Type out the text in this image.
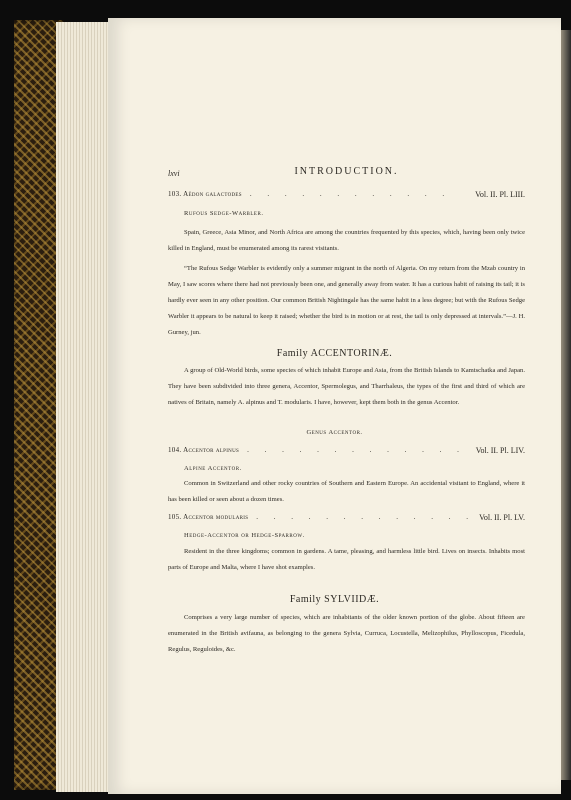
lxvi	INTRODUCTION.
103. Aëdon galactodes . . . . . . . . . . . .	Vol. II. Pl. LIII.
Rufous Sedge-Warbler.

Spain, Greece, Asia Minor, and North Africa are among the countries frequented by this species, which, having been only twice killed in England, must be enumerated among its rarest visitants.

“The Rufous Sedge Warbler is evidently only a summer migrant in the north of Algeria. On my return from the Mzab country in May, I saw scores where there had not previously been one, and generally away from water. It has a curious habit of raising its tail; it is hardly ever seen in any other position. Our common British Nightingale has the same habit in a less degree; but with the Rufous Sedge Warbler it appears to be natural to keep it raised; whether the bird is in motion or at rest, the tail is only depressed at intervals.”—J. H. Gurney, jun.

Family ACCENTORINÆ.

A group of Old-World birds, some species of which inhabit Europe and Asia, from the British Islands to Kamtschatka and Japan. They have been subdivided into three genera, Accentor, Spermolegus, and Tharrhaleus, the types of the first and third of which are natives of Britain, namely A. alpinus and T. modularis. I have, however, kept them both in the genus Accentor.

Genus Accentor.
104. Accentor alpinus . . . . . . . . . . . . . Vol. II. Pl. LIV.
Alpine Accentor.

Common in Switzerland and other rocky countries of Southern and Eastern Europe. An accidental visitant to England, where it has been killed or seen about a dozen times.

105. Accentor modularis . . . . . . . . . . . . . Vol. II. Pl. LV.
Hedge-Accentor or Hedge-Sparrow.

Resident in the three kingdoms; common in gardens. A tame, pleasing, and harmless little bird. Lives on insects. Inhabits most parts of Europe and Malta, where I have shot examples.

Family SYLVIIDÆ.

Comprises a very large number of species, which are inhabitants of the older known portion of the globe. About fifteen are enumerated in the British avifauna, as belonging to the genera Sylvia, Curruca, Locustella, Melizophilus, Phylloscopus, Ficedula, Regulus, Reguloides, &c.
